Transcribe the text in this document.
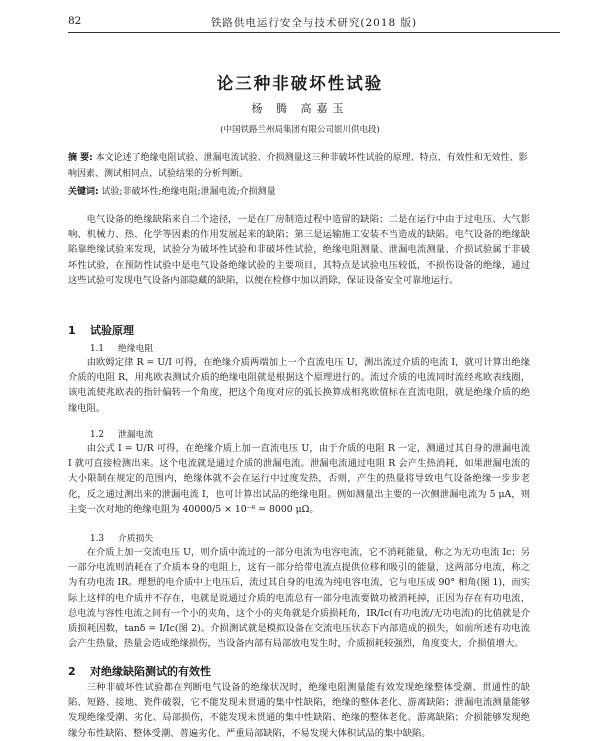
82	铁路供电运行安全与技术研究(2018 版)
论三种非破坏性试验
杨 腾 高嘉玉
(中国铁路兰州局集团有限公司银川供电段)
摘 要: 本文论述了绝缘电阻试验、泄漏电流试验、介损测量这三种非破坏性试验的原理、特点、有效性和无效性、影响因素、测试相同点、试验结果的分析判断。
关键词: 试验;非破坏性;绝缘电阻;泄漏电流;介损测量

电气设备的绝缘缺陷来自二个途径，一是在厂房制造过程中造留的缺陷；二是在运行中由于过电压、大气影响、机械力、热、化学等因素的作用发展起来的缺陷；第三是运输施工安装不当造成的缺陷。电气设备的绝缘缺陷靠绝缘试验来发现，试验分为破坏性试验和非破坏性试验，绝缘电阻测量、泄漏电流测量、介损试验属于非破坏性试验，在预防性试验中是电气设备绝缘试验的主要项目，其特点是试验电压较低，不损伤设备的绝缘，通过这些试验可发现电气设备内部隐藏的缺陷，以便在检修中加以消除，保证设备安全可靠地运行。

1 试验原理
1.1 绝缘电阻

由欧姆定律 R = U/I 可得，在绝缘介质两端加上一个直流电压 U，测出流过介质的电流 I，就可计算出绝缘介质的电阻 R，用兆欧表测试介质的绝缘电阻就是根据这个原理进行的。流过介质的电流同时流经兆欧表线圈，该电流使兆欧表的指针偏转一个角度，把这个角度对应的弧长换算成相兆欧值标在直流电阻，就是绝缘介质的绝缘电阻。

1.2 泄漏电流

由公式 I = U/R 可得，在绝缘介质上加一直流电压 U，由于介质的电阻 R 一定，测通过其自身的泄漏电流 I 就可直接检测出来。这个电流就是通过介质的泄漏电流。泄漏电流通过电阻 R 会产生热消耗，如果泄漏电流的大小限制在规定的范围内，绝缘体就不会在运行中过度发热，否则，产生的热量将导致电气设备绝缘一步步老化，反之通过测出来的泄漏电流 I，也可计算出试品的绝缘电阻。例如测量出主要的一次侧泄漏电流为 5 μA，则主变一次对地的绝缘电阻为 40000/5 × 10⁻⁶ = 8000 μΩ。

1.3 介质损失

在介质上加一交流电压 U，则介质中流过的一部分电流为电容电流，它不消耗能量，称之为无功电流 Ic；另一部分电流则消耗在了介质本身的电阻上，这有一部分给带电流点提供位移和吸引的能量，这两部分电流，称之为有功电流 IR。理想的电介质中上电压后，流过其自身的电流为纯电容电流，它与电压成 90° 相角(图 1)，而实际上这样的电介质并不存在，电就是说通过介质的电流总有一部分电流要做功被消耗掉，正因为存在有功电流，总电流与容性电流之间有一个小的夹角，这个小的夹角就是介质损耗角，IR/Ic(有功电流/无功电流)的比值就是介质损耗因数，tanδ = I/Ic(图 2)。介损测试就是模拟设备在交流电压状态下内部造成的损失，如前所述有功电流会产生热量，热量会造成绝缘损伤，当设备内部有局部放电发生时，介质损耗较强烈，角度变大，介损值增大。

2 对绝缘缺陷测试的有效性

三种非破坏性试验都在判断电气设备的绝缘状况时，绝缘电阻测量能有效发现绝缘整体受潮、贯通性的缺陷、短路、接地、瓷件破裂，它不能发现未贯通的集中性缺陷，绝缘的整体老化、游离缺陷；泄漏电流测量能够发现绝缘受潮、劣化、局部损伤，不能发现未贯通的集中性缺陷、绝缘的整体老化、游离缺陷；介损能够发现绝缘分布性缺陷、整体受潮、普遍劣化、严重局部缺陷，不易发现大体积试品的集中缺陷。
